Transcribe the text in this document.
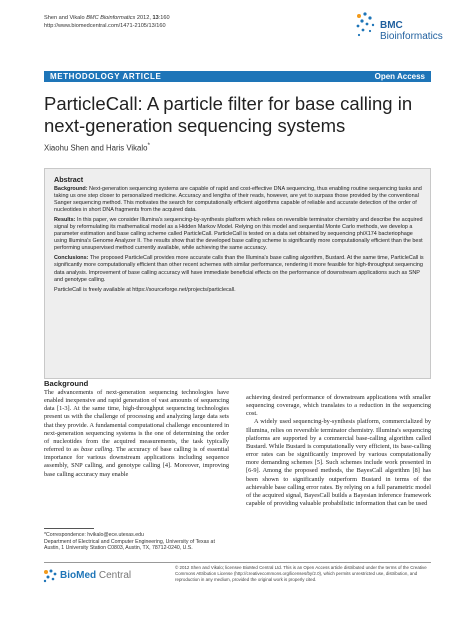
Shen and Vikalo BMC Bioinformatics 2012, 13:160
http://www.biomedcentral.com/1471-2105/13/160	BMC
Bioinformatics
METHODOLOGY ARTICLE	Open Access
ParticleCall: A particle filter for base calling in next-generation sequencing systems
Xiaohu Shen and Haris Vikalo*
Abstract

Background: Next-generation sequencing systems are capable of rapid and cost-effective DNA sequencing, thus enabling routine sequencing tasks and taking us one step closer to personalized medicine. Accuracy and lengths of their reads, however, are yet to surpass those provided by the conventional Sanger sequencing method. This motivates the search for computationally efficient algorithms capable of reliable and accurate detection of the order of nucleotides in short DNA fragments from the acquired data.

Results: In this paper, we consider Illumina's sequencing-by-synthesis platform which relies on reversible terminator chemistry and describe the acquired signal by reformulating its mathematical model as a Hidden Markov Model. Relying on this model and sequential Monte Carlo methods, we develop a parameter estimation and base calling scheme called ParticleCall. ParticleCall is tested on a data set obtained by sequencing phiX174 bacteriophage using Illumina's Genome Analyzer II. The results show that the developed base calling scheme is significantly more computationally efficient than the best performing unsupervised method currently available, while achieving the same accuracy.

Conclusions: The proposed ParticleCall provides more accurate calls than the Illumina's base calling algorithm, Bustard. At the same time, ParticleCall is significantly more computationally efficient than other recent schemes with similar performance, rendering it more feasible for high-throughput sequencing data analysis. Improvement of base calling accuracy will have immediate beneficial effects on the performance of downstream applications such as SNP and genotype calling.

ParticleCall is freely available at https://sourceforge.net/projects/particlecall.

Background

The advancements of next-generation sequencing technologies have enabled inexpensive and rapid generation of vast amounts of sequencing data [1-3]. At the same time, high-throughput sequencing technologies present us with the challenge of processing and analyzing large data sets that they provide. A fundamental computational challenge encountered in next-generation sequencing systems is the one of determining the order of nucleotides from the acquired measurements, the task typically referred to as base calling. The accuracy of base calling is of essential importance for various downstream applications including sequence assembly, SNP calling, and genotype calling [4]. Moreover, improving base calling accuracy may enable

achieving desired performance of downstream applications with smaller sequencing coverage, which translates to a reduction in the sequencing cost.

A widely used sequencing-by-synthesis platform, commercialized by Illumina, relies on reversible terminator chemistry. Illumina's sequencing platforms are supported by a commercial base-calling algorithm called Bustard. While Bustard is computationally very efficient, its base-calling error rates can be significantly improved by various computationally more demanding schemes [5]. Such schemes include work presented in [6-9]. Among the proposed methods, the BayesCall algorithm [8] has been shown to significantly outperform Bustard in terms of the achievable base calling error rates. By relying on a full parametric model of the acquired signal, BayesCall builds a Bayesian inference framework capable of providing valuable probabilistic information that can be used

*Correspondence: hvikalo@ece.utexas.edu
Department of Electrical and Computer Engineering, University of Texas at Austin, 1 University Station C0803, Austin, TX, 78712-0240, U.S.
BioMed Central
© 2012 Shen and Vikalo; licensee BioMed Central Ltd. This is an Open Access article distributed under the terms of the Creative Commons Attribution License (http://creativecommons.org/licenses/by/2.0), which permits unrestricted use, distribution, and reproduction in any medium, provided the original work is properly cited.
